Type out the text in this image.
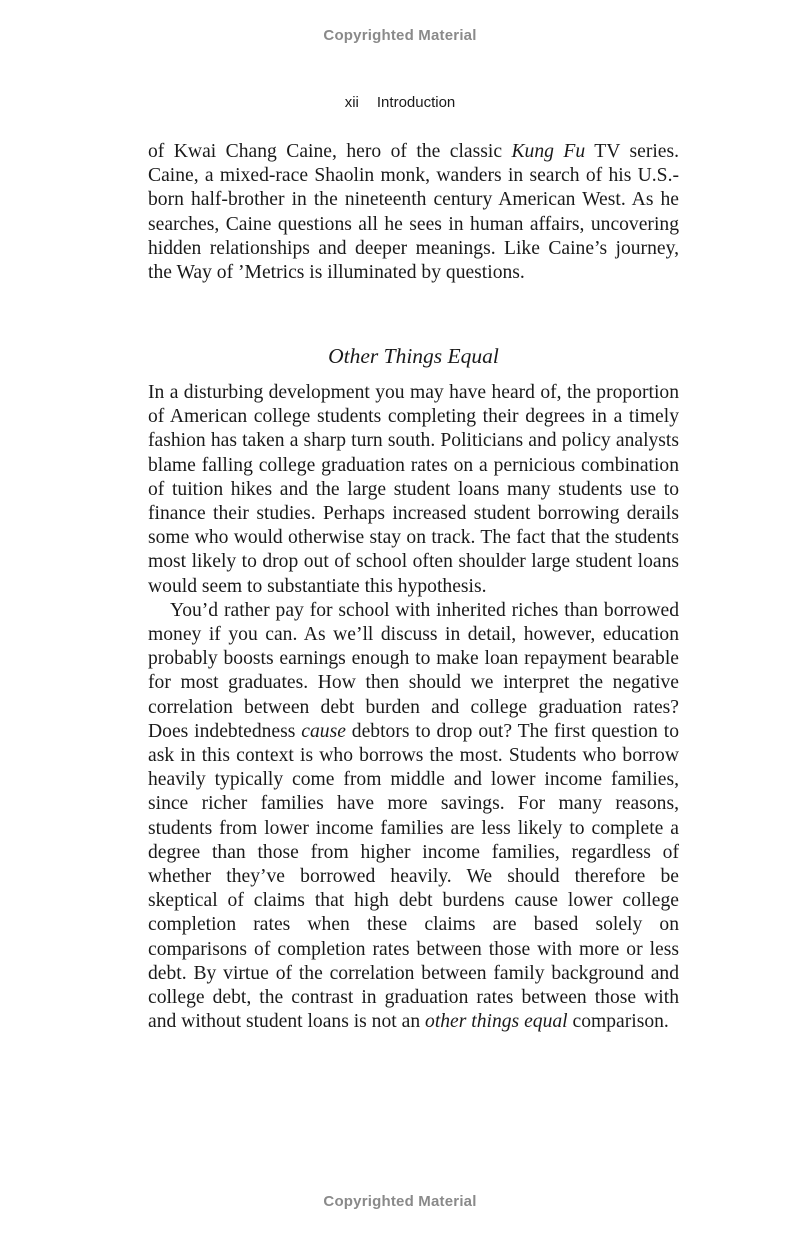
Copyrighted Material
xii Introduction

of Kwai Chang Caine, hero of the classic Kung Fu TV series. Caine, a mixed-race Shaolin monk, wanders in search of his U.S.-born half-brother in the nineteenth century American West. As he searches, Caine questions all he sees in human affairs, uncovering hidden relationships and deeper meanings. Like Caine’s journey, the Way of ’Metrics is illuminated by questions.

Other Things Equal

In a disturbing development you may have heard of, the proportion of American college students completing their degrees in a timely fashion has taken a sharp turn south. Politicians and policy analysts blame falling college graduation rates on a pernicious combination of tuition hikes and the large student loans many students use to finance their studies. Perhaps increased student borrowing derails some who would otherwise stay on track. The fact that the students most likely to drop out of school often shoulder large student loans would seem to substantiate this hypothesis.

You’d rather pay for school with inherited riches than borrowed money if you can. As we’ll discuss in detail, however, education probably boosts earnings enough to make loan repayment bearable for most graduates. How then should we interpret the negative correlation between debt burden and college graduation rates? Does indebtedness cause debtors to drop out? The first question to ask in this context is who borrows the most. Students who borrow heavily typically come from middle and lower income families, since richer families have more savings. For many reasons, students from lower income families are less likely to complete a degree than those from higher income families, regardless of whether they’ve borrowed heavily. We should therefore be skeptical of claims that high debt burdens cause lower college completion rates when these claims are based solely on comparisons of completion rates between those with more or less debt. By virtue of the correlation between family background and college debt, the contrast in graduation rates between those with and without student loans is not an other things equal comparison.

Copyrighted Material
